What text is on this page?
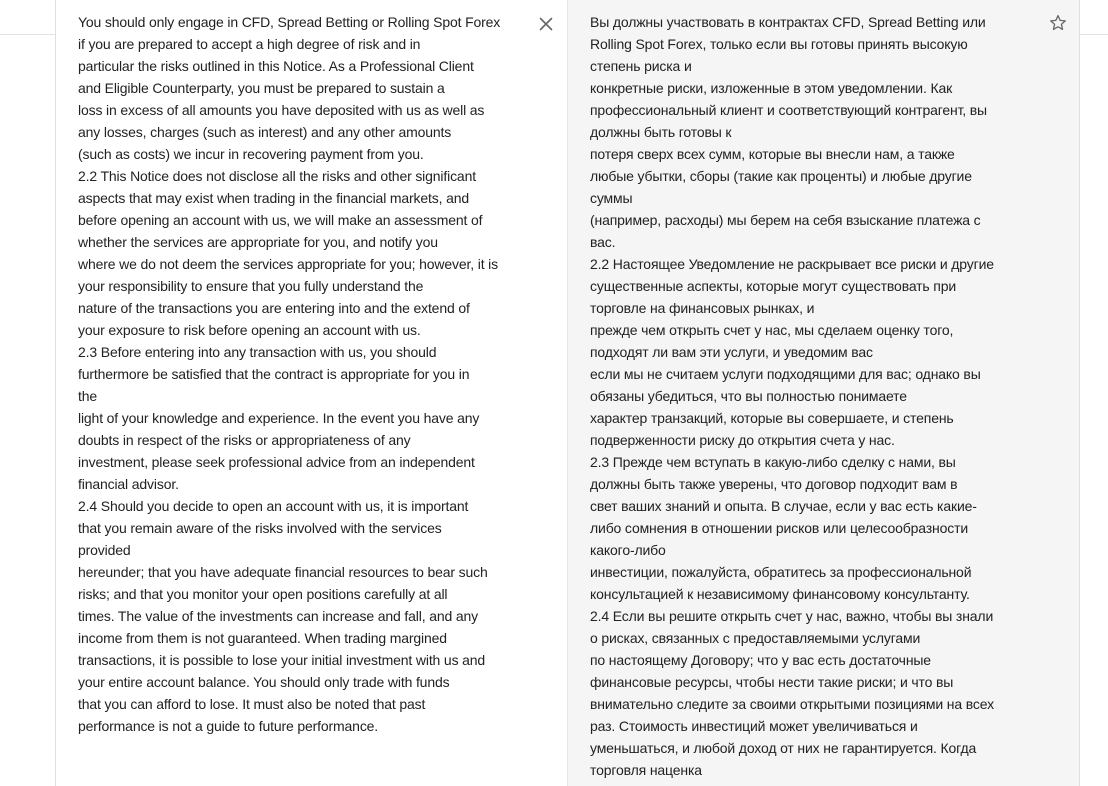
You should only engage in CFD, Spread Betting or Rolling Spot Forex
if you are prepared to accept a high degree of risk and in
particular the risks outlined in this Notice. As a Professional Client
and Eligible Counterparty, you must be prepared to sustain a
loss in excess of all amounts you have deposited with us as well as
any losses, charges (such as interest) and any other amounts
(such as costs) we incur in recovering payment from you.
2.2 This Notice does not disclose all the risks and other significant
aspects that may exist when trading in the financial markets, and
before opening an account with us, we will make an assessment of
whether the services are appropriate for you, and notify you
where we do not deem the services appropriate for you; however, it is
your responsibility to ensure that you fully understand the
nature of the transactions you are entering into and the extend of
your exposure to risk before opening an account with us.
2.3 Before entering into any transaction with us, you should
furthermore be satisfied that the contract is appropriate for you in
the
light of your knowledge and experience. In the event you have any
doubts in respect of the risks or appropriateness of any
investment, please seek professional advice from an independent
financial advisor.
2.4 Should you decide to open an account with us, it is important
that you remain aware of the risks involved with the services
provided
hereunder; that you have adequate financial resources to bear such
risks; and that you monitor your open positions carefully at all
times. The value of the investments can increase and fall, and any
income from them is not guaranteed. When trading margined
transactions, it is possible to lose your initial investment with us and
your entire account balance. You should only trade with funds
that you can afford to lose. It must also be noted that past
performance is not a guide to future performance.
Вы должны участвовать в контрактах CFD, Spread Betting или
Rolling Spot Forex, только если вы готовы принять высокую
степень риска и
конкретные риски, изложенные в этом уведомлении. Как
профессиональный клиент и соответствующий контрагент, вы
должны быть готовы к
потеря сверх всех сумм, которые вы внесли нам, а также
любые убытки, сборы (такие как проценты) и любые другие
суммы
(например, расходы) мы берем на себя взыскание платежа с
вас.
2.2 Настоящее Уведомление не раскрывает все риски и другие
существенные аспекты, которые могут существовать при
торговле на финансовых рынках, и
прежде чем открыть счет у нас, мы сделаем оценку того,
подходят ли вам эти услуги, и уведомим вас
если мы не считаем услуги подходящими для вас; однако вы
обязаны убедиться, что вы полностью понимаете
характер транзакций, которые вы совершаете, и степень
подверженности риску до открытия счета у нас.
2.3 Прежде чем вступать в какую-либо сделку с нами, вы
должны быть также уверены, что договор подходит вам в
свет ваших знаний и опыта. В случае, если у вас есть какие-
либо сомнения в отношении рисков или целесообразности
какого-либо
инвестиции, пожалуйста, обратитесь за профессиональной
консультацией к независимому финансовому консультанту.
2.4 Если вы решите открыть счет у нас, важно, чтобы вы знали
о рисках, связанных с предоставляемыми услугами
по настоящему Договору; что у вас есть достаточные
финансовые ресурсы, чтобы нести такие риски; и что вы
внимательно следите за своими открытыми позициями на всех
раз. Стоимость инвестиций может увеличиваться и
уменьшаться, и любой доход от них не гарантируется. Когда
торговля наценка
